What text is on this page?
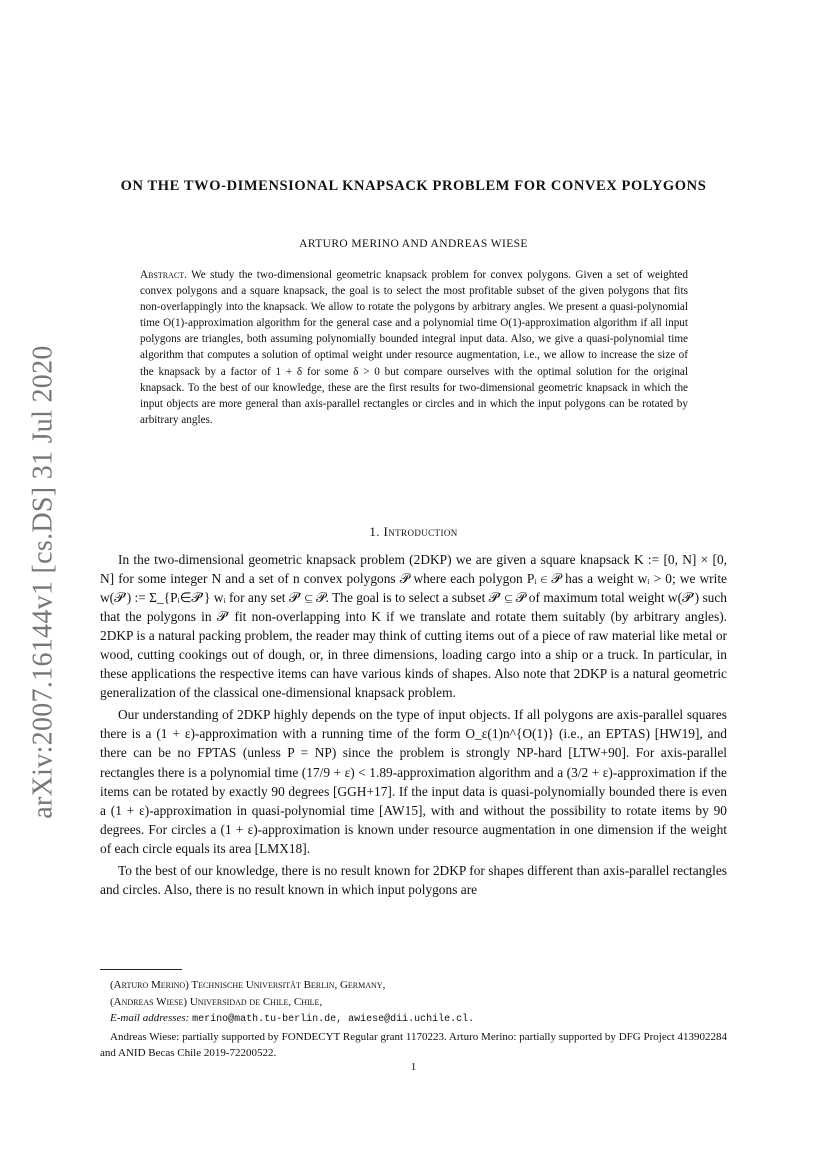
arXiv:2007.16144v1 [cs.DS] 31 Jul 2020
ON THE TWO-DIMENSIONAL KNAPSACK PROBLEM FOR CONVEX POLYGONS
ARTURO MERINO AND ANDREAS WIESE
Abstract. We study the two-dimensional geometric knapsack problem for convex polygons. Given a set of weighted convex polygons and a square knapsack, the goal is to select the most profitable subset of the given polygons that fits non-overlappingly into the knapsack. We allow to rotate the polygons by arbitrary angles. We present a quasi-polynomial time O(1)-approximation algorithm for the general case and a polynomial time O(1)-approximation algorithm if all input polygons are triangles, both assuming polynomially bounded integral input data. Also, we give a quasi-polynomial time algorithm that computes a solution of optimal weight under resource augmentation, i.e., we allow to increase the size of the knapsack by a factor of 1 + δ for some δ > 0 but compare ourselves with the optimal solution for the original knapsack. To the best of our knowledge, these are the first results for two-dimensional geometric knapsack in which the input objects are more general than axis-parallel rectangles or circles and in which the input polygons can be rotated by arbitrary angles.
1. Introduction

In the two-dimensional geometric knapsack problem (2DKP) we are given a square knapsack K := [0, N] × [0, N] for some integer N and a set of n convex polygons 𝒫 where each polygon Pᵢ ∈ 𝒫 has a weight wᵢ > 0; we write w(𝒫′) := Σ_{Pᵢ∈𝒫′} wᵢ for any set 𝒫′ ⊆ 𝒫. The goal is to select a subset 𝒫′ ⊆ 𝒫 of maximum total weight w(𝒫′) such that the polygons in 𝒫′ fit non-overlapping into K if we translate and rotate them suitably (by arbitrary angles). 2DKP is a natural packing problem, the reader may think of cutting items out of a piece of raw material like metal or wood, cutting cookings out of dough, or, in three dimensions, loading cargo into a ship or a truck. In particular, in these applications the respective items can have various kinds of shapes. Also note that 2DKP is a natural geometric generalization of the classical one-dimensional knapsack problem.

Our understanding of 2DKP highly depends on the type of input objects. If all polygons are axis-parallel squares there is a (1 + ε)-approximation with a running time of the form O_ε(1)n^{O(1)} (i.e., an EPTAS) [HW19], and there can be no FPTAS (unless P = NP) since the problem is strongly NP-hard [LTW+90]. For axis-parallel rectangles there is a polynomial time (17/9 + ε) < 1.89-approximation algorithm and a (3/2 + ε)-approximation if the items can be rotated by exactly 90 degrees [GGH+17]. If the input data is quasi-polynomially bounded there is even a (1 + ε)-approximation in quasi-polynomial time [AW15], with and without the possibility to rotate items by 90 degrees. For circles a (1 + ε)-approximation is known under resource augmentation in one dimension if the weight of each circle equals its area [LMX18].

To the best of our knowledge, there is no result known for 2DKP for shapes different than axis-parallel rectangles and circles. Also, there is no result known in which input polygons are

(Arturo Merino) Technische Universität Berlin, Germany,
(Andreas Wiese) Universidad de Chile, Chile,
E-mail addresses: merino@math.tu-berlin.de, awiese@dii.uchile.cl.
Andreas Wiese: partially supported by FONDECYT Regular grant 1170223. Arturo Merino: partially supported by DFG Project 413902284 and ANID Becas Chile 2019-72200522.
1
